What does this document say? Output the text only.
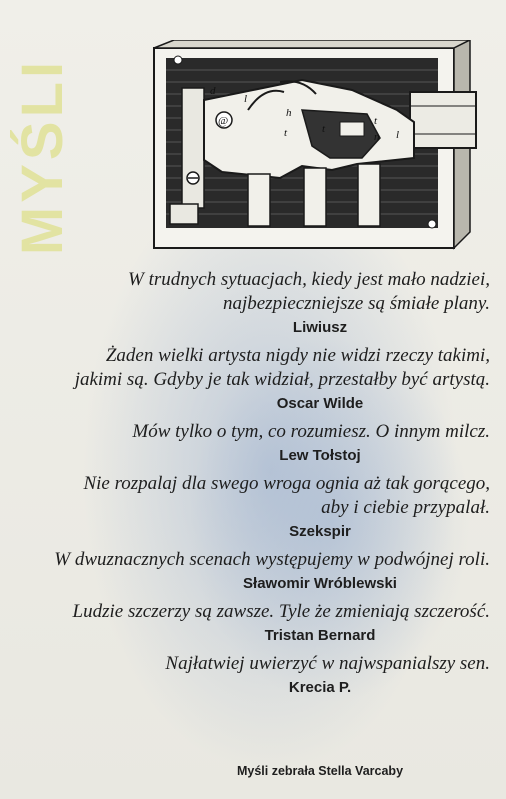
MYŚLI	d
@
h
t	t
t
n l
l
W trudnych sytuacjach, kiedy jest mało nadziei,
najbezpieczniejsze są śmiałe plany.
Liwiusz
Żaden wielki artysta nigdy nie widzi rzeczy takimi,
jakimi są. Gdyby je tak widział, przestałby być artystą.
Oscar Wilde
Mów tylko o tym, co rozumiesz. O innym milcz.
Lew Tołstoj
Nie rozpalaj dla swego wroga ognia aż tak gorącego,
aby i ciebie przypalał.
Szekspir
W dwuznacznych scenach występujemy w podwójnej roli.
Sławomir Wróblewski
Ludzie szczerzy są zawsze. Tyle że zmieniają szczerość.
Tristan Bernard
Najłatwiej uwierzyć w najwspanialszy sen.
Krecia P.
Myśli zebrała Stella Varcaby
